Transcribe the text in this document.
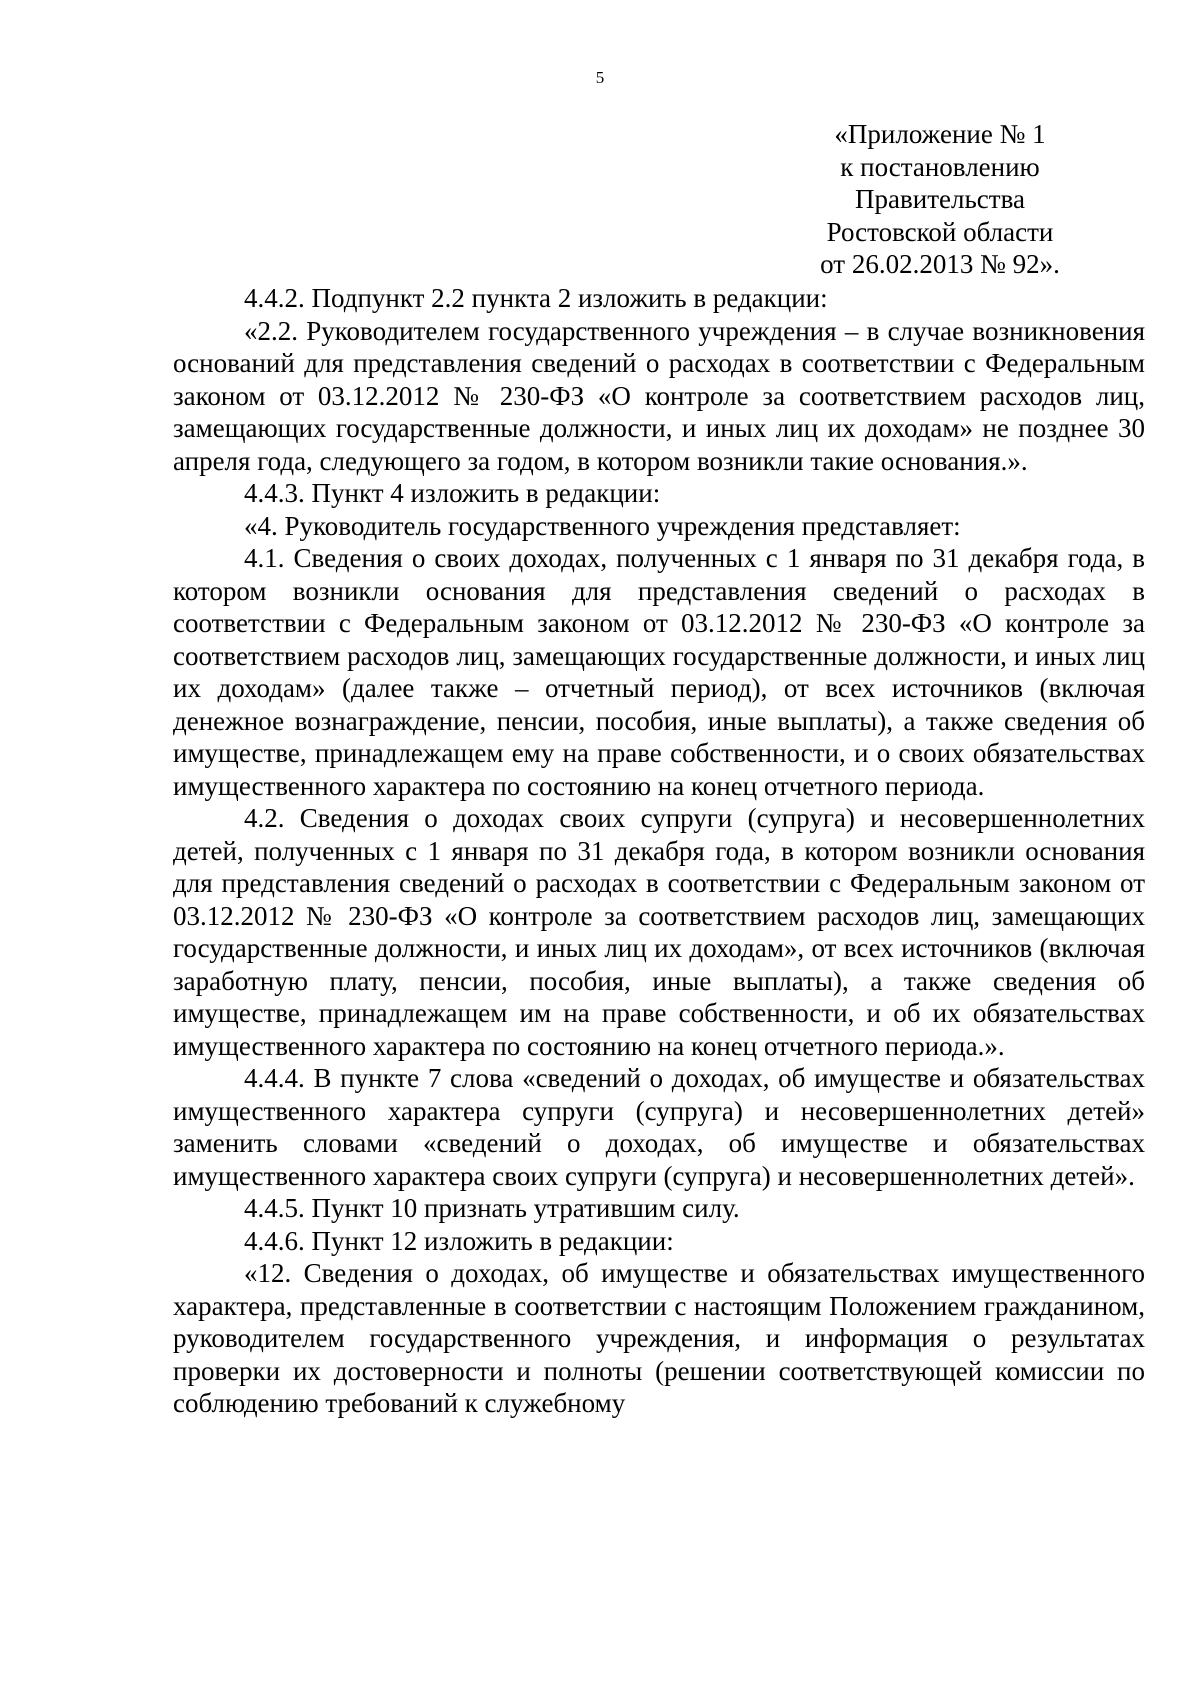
5
«Приложение № 1
к постановлению
Правительства
Ростовской области
от 26.02.2013 № 92».

4.4.2. Подпункт 2.2 пункта 2 изложить в редакции:

«2.2. Руководителем государственного учреждения – в случае возникновения оснований для представления сведений о расходах в соответствии с Федеральным законом от 03.12.2012 № 230-ФЗ «О контроле за соответствием расходов лиц, замещающих государственные должности, и иных лиц их доходам» не позднее 30 апреля года, следующего за годом, в котором возникли такие основания.».

4.4.3. Пункт 4 изложить в редакции:

«4. Руководитель государственного учреждения представляет:

4.1. Сведения о своих доходах, полученных с 1 января по 31 декабря года, в котором возникли основания для представления сведений о расходах в соответствии с Федеральным законом от 03.12.2012 № 230-ФЗ «О контроле за соответствием расходов лиц, замещающих государственные должности, и иных лиц их доходам» (далее также – отчетный период), от всех источников (включая денежное вознаграждение, пенсии, пособия, иные выплаты), а также сведения об имуществе, принадлежащем ему на праве собственности, и о своих обязательствах имущественного характера по состоянию на конец отчетного периода.

4.2. Сведения о доходах своих супруги (супруга) и несовершеннолетних детей, полученных с 1 января по 31 декабря года, в котором возникли основания для представления сведений о расходах в соответствии с Федеральным законом от 03.12.2012 № 230-ФЗ «О контроле за соответствием расходов лиц, замещающих государственные должности, и иных лиц их доходам», от всех источников (включая заработную плату, пенсии, пособия, иные выплаты), а также сведения об имуществе, принадлежащем им на праве собственности, и об их обязательствах имущественного характера по состоянию на конец отчетного периода.».

4.4.4. В пункте 7 слова «сведений о доходах, об имуществе и обязательствах имущественного характера супруги (супруга) и несовершеннолетних детей» заменить словами «сведений о доходах, об имуществе и обязательствах имущественного характера своих супруги (супруга) и несовершеннолетних детей».

4.4.5. Пункт 10 признать утратившим силу.

4.4.6. Пункт 12 изложить в редакции:

«12. Сведения о доходах, об имуществе и обязательствах имущественного характера, представленные в соответствии с настоящим Положением гражданином, руководителем государственного учреждения, и информация о результатах проверки их достоверности и полноты (решении соответствующей комиссии по соблюдению требований к служебному
